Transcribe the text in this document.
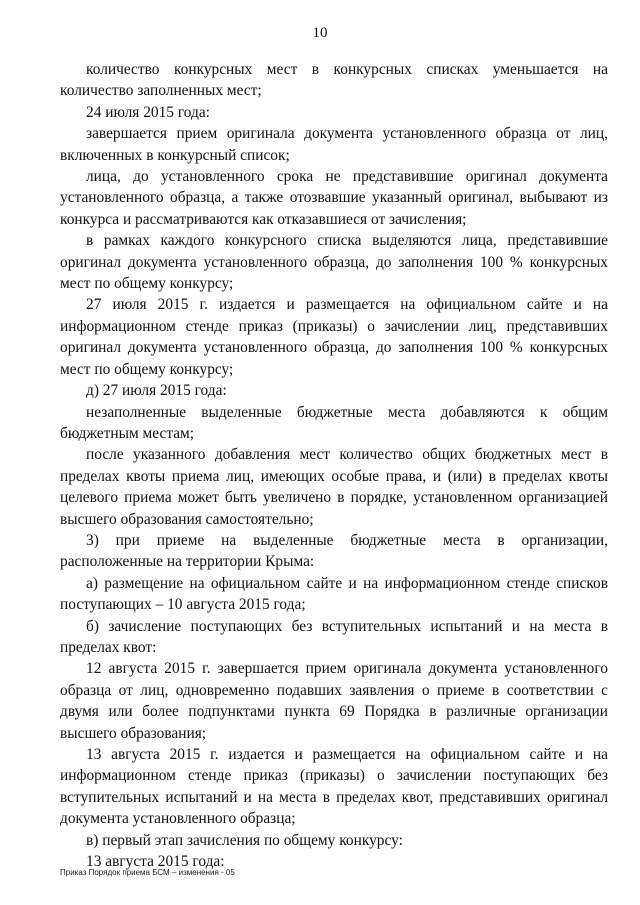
10

количество конкурсных мест в конкурсных списках уменьшается на количество заполненных мест;

24 июля 2015 года:

завершается прием оригинала документа установленного образца от лиц, включенных в конкурсный список;

лица, до установленного срока не представившие оригинал документа установленного образца, а также отозвавшие указанный оригинал, выбывают из конкурса и рассматриваются как отказавшиеся от зачисления;

в рамках каждого конкурсного списка выделяются лица, представившие оригинал документа установленного образца, до заполнения 100 % конкурсных мест по общему конкурсу;

27 июля 2015 г. издается и размещается на официальном сайте и на информационном стенде приказ (приказы) о зачислении лиц, представивших оригинал документа установленного образца, до заполнения 100 % конкурсных мест по общему конкурсу;

д) 27 июля 2015 года:

незаполненные выделенные бюджетные места добавляются к общим бюджетным местам;

после указанного добавления мест количество общих бюджетных мест в пределах квоты приема лиц, имеющих особые права, и (или) в пределах квоты целевого приема может быть увеличено в порядке, установленном организацией высшего образования самостоятельно;

3) при приеме на выделенные бюджетные места в организации, расположенные на территории Крыма:

а) размещение на официальном сайте и на информационном стенде списков поступающих – 10 августа 2015 года;

б) зачисление поступающих без вступительных испытаний и на места в пределах квот:

12 августа 2015 г. завершается прием оригинала документа установленного образца от лиц, одновременно подавших заявления о приеме в соответствии с двумя или более подпунктами пункта 69 Порядка в различные организации высшего образования;

13 августа 2015 г. издается и размещается на официальном сайте и на информационном стенде приказ (приказы) о зачислении поступающих без вступительных испытаний и на места в пределах квот, представивших оригинал документа установленного образца;

в) первый этап зачисления по общему конкурсу:

13 августа 2015 года:

Приказ Порядок приема БСМ – изменения - 05
